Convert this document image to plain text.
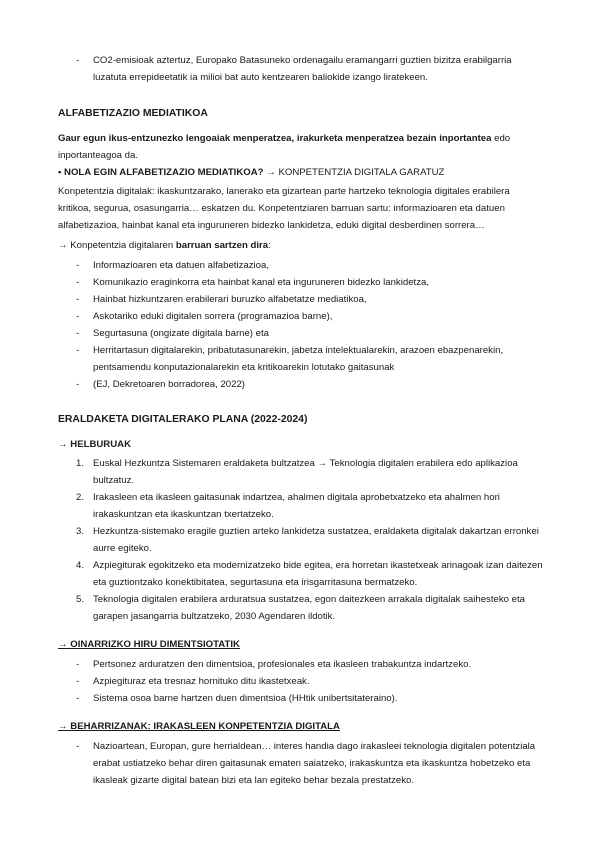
-	CO2-emisioak aztertuz, Europako Batasuneko ordenagailu eramangarri guztien bizitza erabilgarria luzatuta errepideetatik ia milioi bat auto kentzearen baliokide izango liratekeen.
ALFABETIZAZIO MEDIATIKOA

Gaur egun ikus-entzunezko lengoaiak menperatzea, irakurketa menperatzea bezain inportantea edo inportanteagoa da.

• NOLA EGIN ALFABETIZAZIO MEDIATIKOA? → KONPETENTZIA DIGITALA GARATUZ

Konpetentzia digitalak: ikaskuntzarako, lanerako eta gizartean parte hartzeko teknologia digitales erabilera kritikoa, segurua, osasungarria… eskatzen du. Konpetentziaren barruan sartu: informazioaren eta datuen alfabetizazioa, hainbat kanal eta inguruneren bidezko lankidetza, eduki digital desberdinen sorrera…

→ Konpetentzia digitalaren barruan sartzen dira:

-	Informazioaren eta datuen alfabetizazioa,
-	Komunikazio eraginkorra eta hainbat kanal eta inguruneren bidezko lankidetza,
-	Hainbat hizkuntzaren erabilerari buruzko alfabetatze mediatikoa,
-	Askotariko eduki digitalen sorrera (programazioa barne),
-	Segurtasuna (ongizate digitala barne) eta
-	Herritartasun digitalarekin, pribatutasunarekin, jabetza intelektualarekin, arazoen ebazpenarekin, pentsamendu konputazionalarekin eta kritikoarekin lotutako gaitasunak
-	(EJ, Dekretoaren borradorea, 2022)
ERALDAKETA DIGITALERAKO PLANA (2022-2024)
→ HELBURUAK
1. Euskal Hezkuntza Sistemaren eraldaketa bultzatzea → Teknologia digitalen erabilera edo aplikazioa bultzatuz.
2. Irakasleen eta ikasleen gaitasunak indartzea, ahalmen digitala aprobetxatzeko eta ahalmen hori irakaskuntzan eta ikaskuntzan txertatzeko.
3. Hezkuntza-sistemako eragile guztien arteko lankidetza sustatzea, eraldaketa digitalak dakartzan erronkei aurre egiteko.
4. Azpiegiturak egokitzeko eta modernizatzeko bide egitea, era horretan ikastetxeak arinagoak izan daitezen eta guztiontzako konektibitatea, segurtasuna eta irisgarritasuna bermatzeko.
5. Teknologia digitalen erabilera arduratsua sustatzea, egon daitezkeen arrakala digitalak saihesteko eta garapen jasangarria bultzatzeko, 2030 Agendaren ildotik.
→ OINARRIZKO HIRU DIMENTSIOTATIK
-	Pertsonez arduratzen den dimentsioa, profesionales eta ikasleen trabakuntza indartzeko.
-	Azpiegituraz eta tresnaz hornituko ditu ikastetxeak.
-	Sistema osoa barne hartzen duen dimentsioa (HHtik unibertsitateraino).
→ BEHARRIZANAK: IRAKASLEEN KONPETENTZIA DIGITALA
-	Nazioartean, Europan, gure herrialdean… interes handia dago irakasleei teknologia digitalen potentziala erabat ustiatzeko behar diren gaitasunak ematen saiatzeko, irakaskuntza eta ikaskuntza hobetzeko eta ikasleak gizarte digital batean bizi eta lan egiteko behar bezala prestatzeko.
